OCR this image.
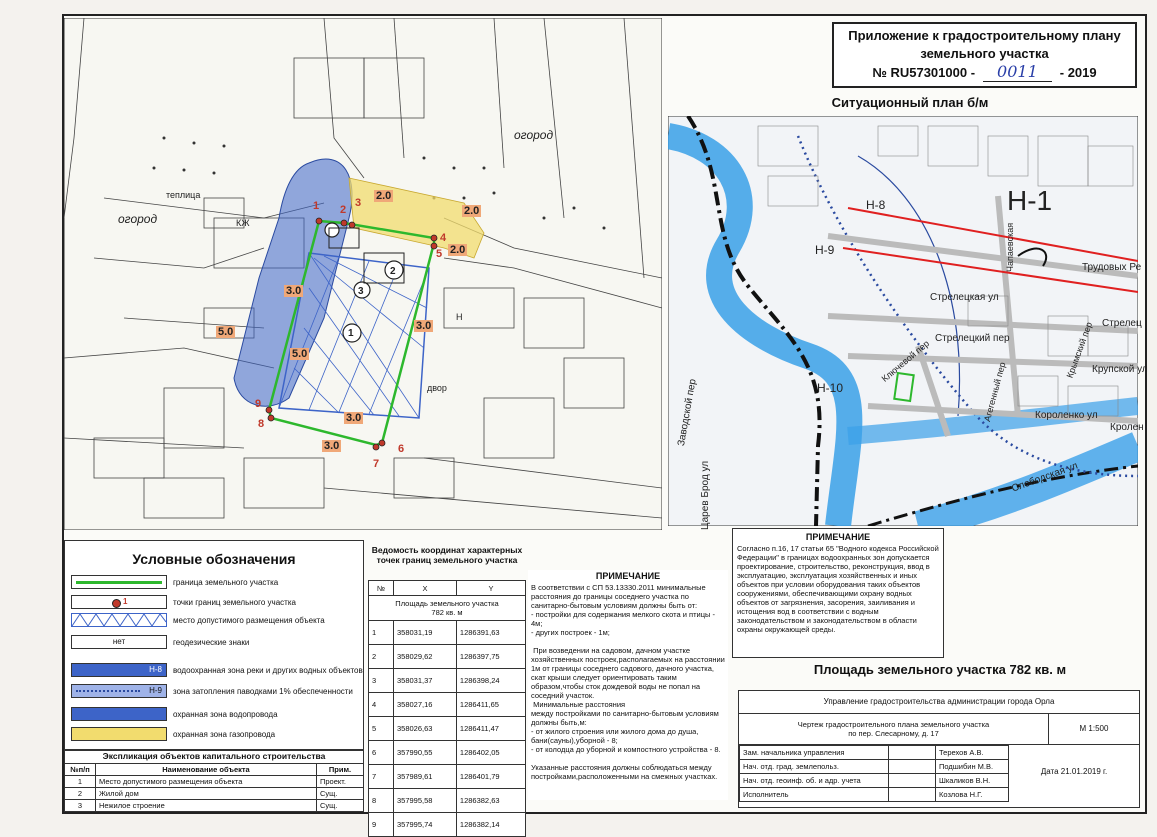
огород
огород
теплица
КЖ
Н
двор
1 2
3
4
5
6
7
8
9
1
2
3
2.0
2.0
3.0
5.0
3.0
5.0
3.0
3.0
2.0
Приложение к градостроительному плану
земельного участка
№ RU57301000 -	0011	- 2019
Ситуационный план б/м
Н-1
Н-8
Н-9
Н-10
Трудовых Ре
Стрелецкая ул
Стрелецкий пер
Стрелец
Ключевой пер	Крымский пер
Крупской ул
Короленко ул
Кролен
Слободская ул
Заводской пер
Царев Брод ул
Агегенный пер
Чапаевская
ПРИМЕЧАНИЕ
Согласно п.16, 17 статьи 65 "Водного кодекса Российской Федерации" в границах водоохранных зон допускается проектирование, строительство, реконструкция, ввод в эксплуатацию, эксплуатация хозяйственных и иных объектов при условии оборудования таких объектов сооружениями, обеспечивающими охрану водных объектов от загрязнения, засорения, заиливания и истощения вод в соответствии с водным законодательством и законодательством в области охраны окружающей среды.
Условные обозначения
граница земельного участка
1	точки границ земельного участка
место допустимого размещения объекта
нет	геодезические знаки
Н-8 водоохранная зона реки и других водных объектов
Н-9 зона затопления паводками 1% обеспеченности
охранная зона водопровода
охранная зона газопровода
Экспликация объектов капитального строительства
№п/п	Наименование объекта	Прим.
1	Место допустимого размещения объекта	Проект.
2	Жилой дом	Сущ.
3	Нежилое строение	Сущ.
Ведомость координат характерных
точек границ земельного участка
№	X	Y

Площадь земельного участка
782 кв. м		

1	358031,19	1286391,63
2	358029,62	1286397,75
3	358031,37	1286398,24
4	358027,16	1286411,65
5	358026,63	1286411,47
6	357990,55	1286402,05
7	357989,61	1286401,79
8	357995,58	1286382,63
9	357995,74	1286382,14
ПРИМЕЧАНИЕ
В соответствии с СП 53.13330.2011 минимальные расстояния до границы соседнего участка по санитарно-бытовым условиям должны быть от:
- постройки для содержания мелкого скота и птицы - 4м;
- других построек - 1м;

При возведении на садовом, дачном участке хозяйственных построек,располагаемых на расстоянии 1м от границы соседнего садового, дачного участка, скат крыши следует ориентировать таким образом,чтобы сток дождевой воды не попал на соседний участок.
Минимальные расстояния
между постройками по санитарно-бытовым условиям должны быть,м:
- от жилого строения или жилого дома до душа, бани(сауны),уборной - 8;
- от колодца до уборной и компостного устройства - 8.

Указанные расстояния должны соблюдаться между постройками,расположенными на смежных участках.
Площадь земельного участка 782 кв. м
Управление градостроительства администрации города Орла
Чертеж градостроительного плана земельного участка
по пер. Слесарному, д. 17
М 1:500
Зам. начальника управления		Терехов А.В.
Нач. отд. град. землепольз.		Подшибин М.В.
Нач. отд. геоинф. об. и адр. учета		Шкаликов В.Н.
Исполнитель		Козлова Н.Г.
Дата 21.01.2019 г.
